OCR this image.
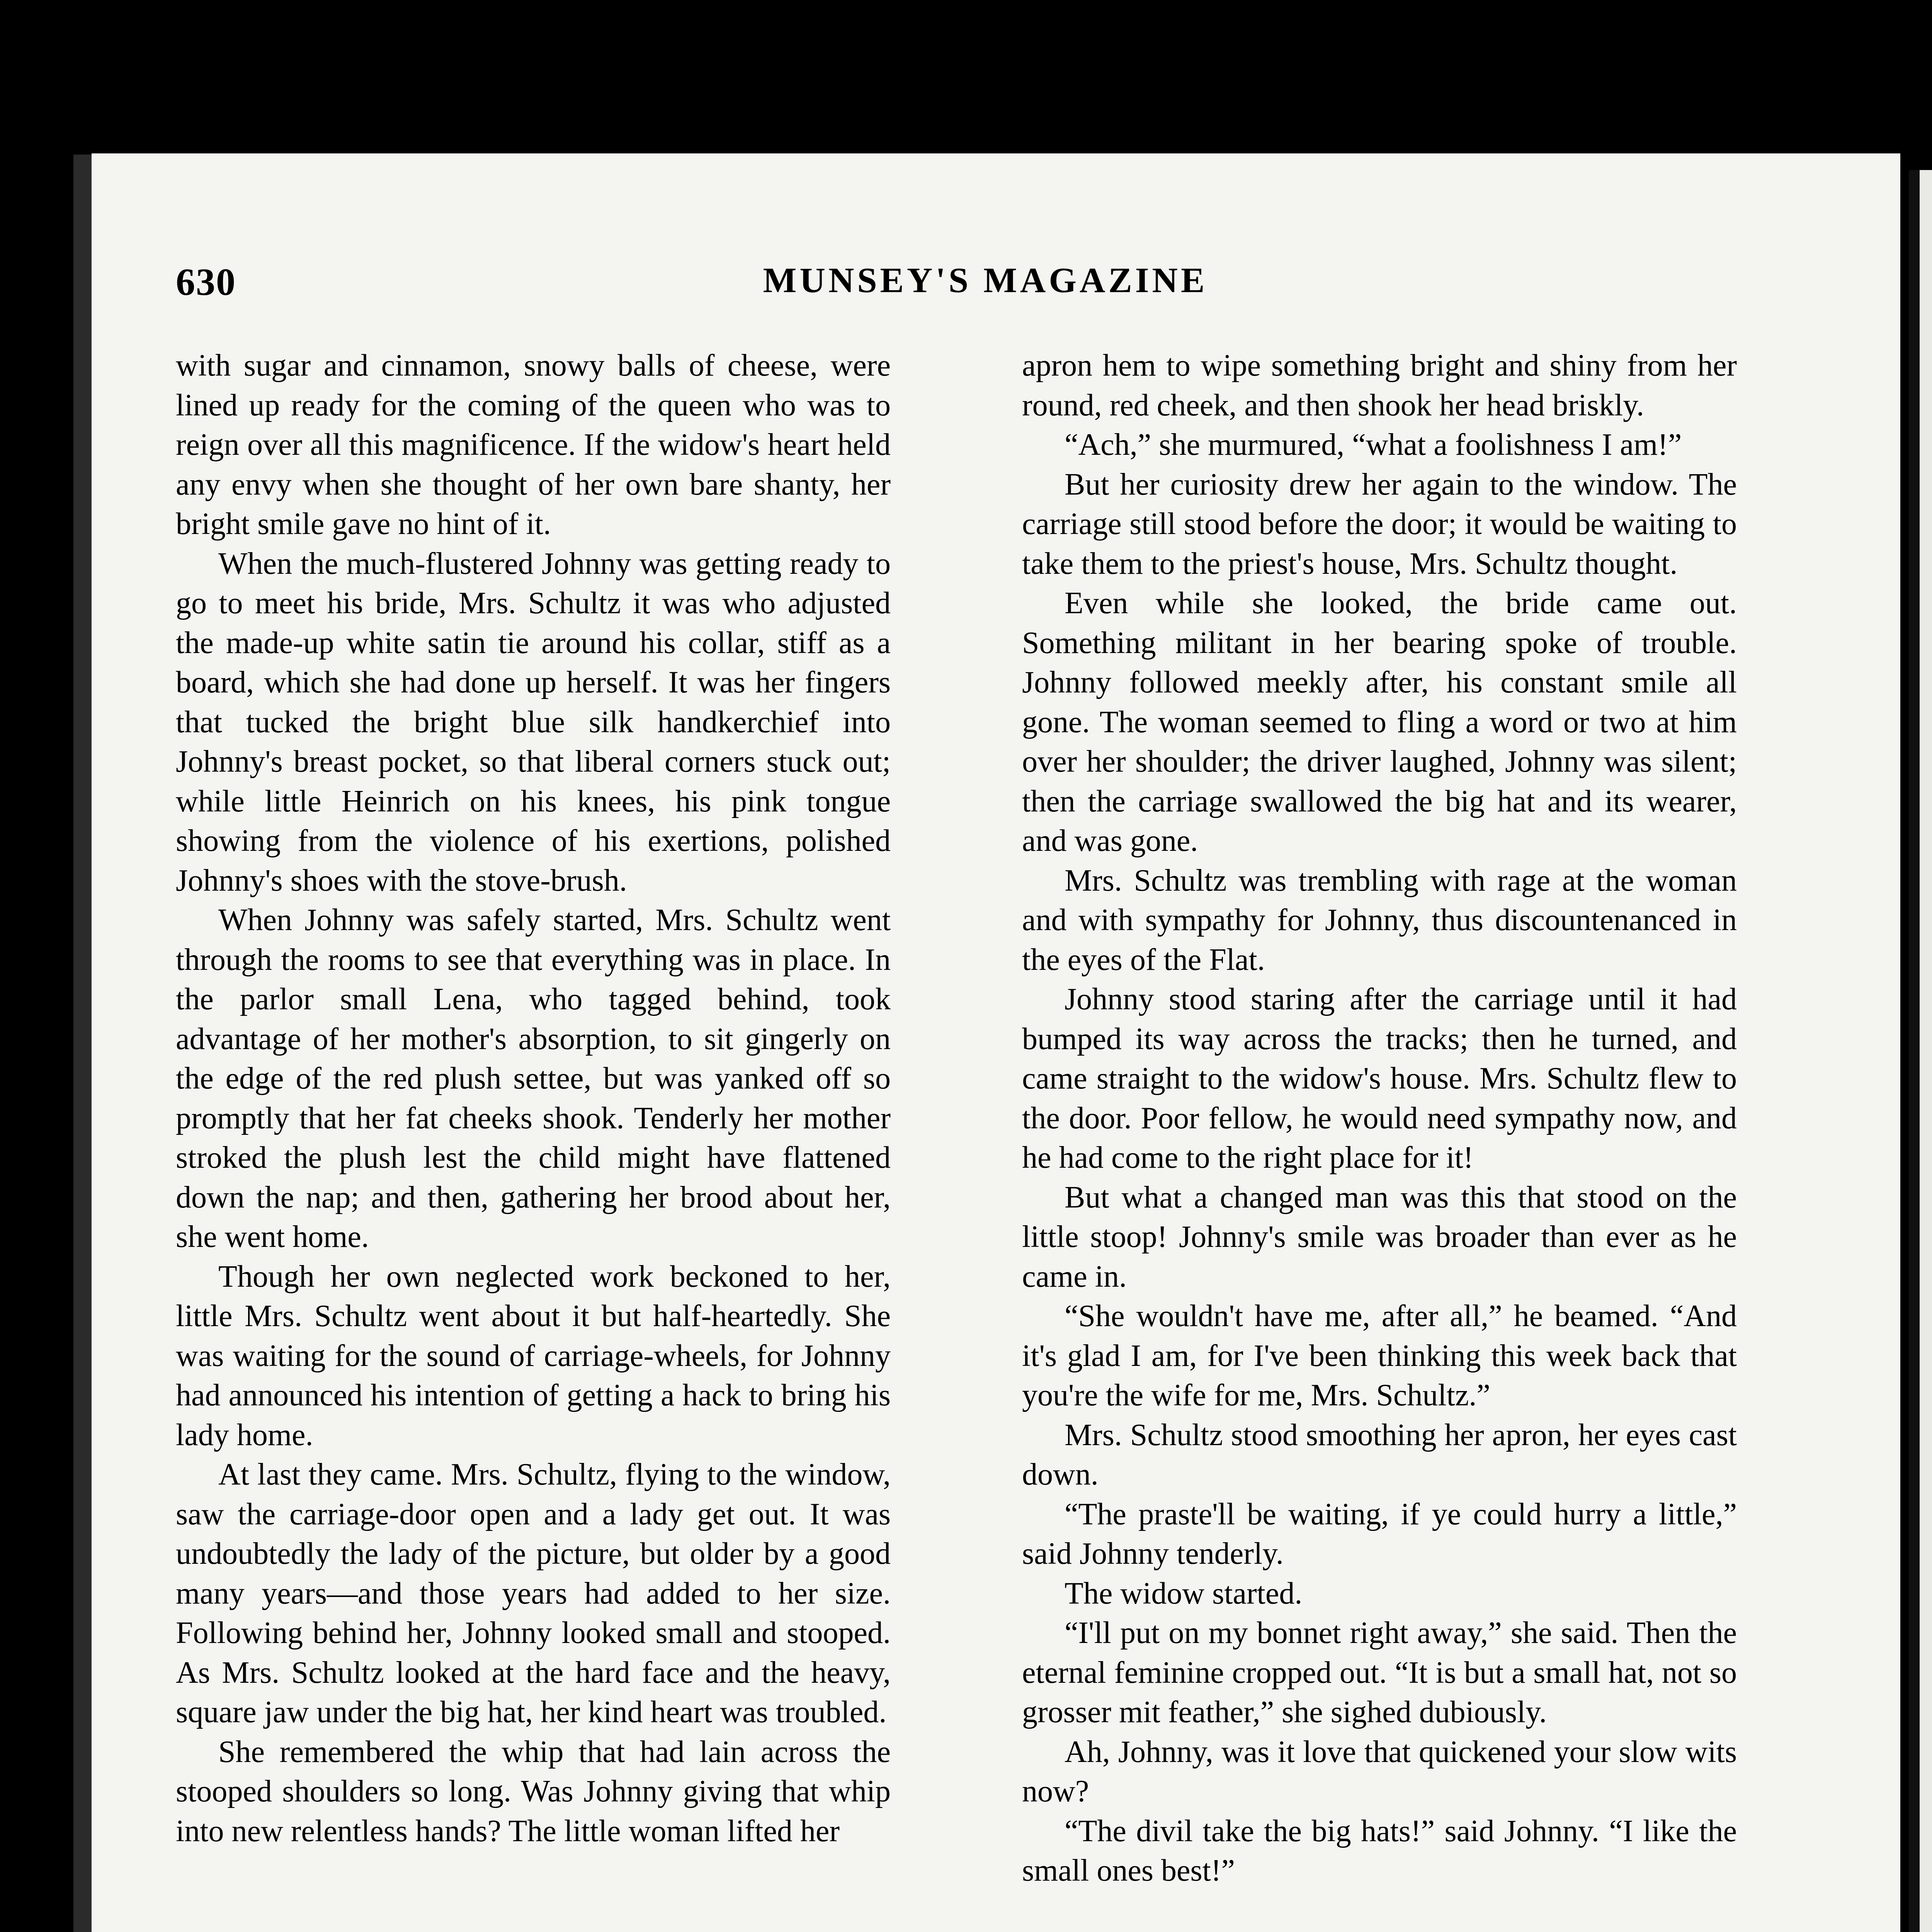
630	MUNSEY'S MAGAZINE

with sugar and cinnamon, snowy balls of cheese, were lined up ready for the coming of the queen who was to reign over all this magnificence. If the widow's heart held any envy when she thought of her own bare shanty, her bright smile gave no hint of it.

When the much-flustered Johnny was getting ready to go to meet his bride, Mrs. Schultz it was who adjusted the made-up white satin tie around his collar, stiff as a board, which she had done up herself. It was her fingers that tucked the bright blue silk handkerchief into Johnny's breast pocket, so that liberal corners stuck out; while little Heinrich on his knees, his pink tongue showing from the violence of his exertions, polished Johnny's shoes with the stove-brush.

When Johnny was safely started, Mrs. Schultz went through the rooms to see that everything was in place. In the parlor small Lena, who tagged behind, took advantage of her mother's absorption, to sit gingerly on the edge of the red plush settee, but was yanked off so promptly that her fat cheeks shook. Tenderly her mother stroked the plush lest the child might have flattened down the nap; and then, gathering her brood about her, she went home.

Though her own neglected work beckoned to her, little Mrs. Schultz went about it but half-heartedly. She was waiting for the sound of carriage-wheels, for Johnny had announced his intention of getting a hack to bring his lady home.

At last they came. Mrs. Schultz, flying to the window, saw the carriage-door open and a lady get out. It was undoubtedly the lady of the picture, but older by a good many years—and those years had added to her size. Following behind her, Johnny looked small and stooped. As Mrs. Schultz looked at the hard face and the heavy, square jaw under the big hat, her kind heart was troubled.

She remembered the whip that had lain across the stooped shoulders so long. Was Johnny giving that whip into new relentless hands? The little woman lifted her

apron hem to wipe something bright and shiny from her round, red cheek, and then shook her head briskly.

“Ach,” she murmured, “what a foolishness I am!”

But her curiosity drew her again to the window. The carriage still stood before the door; it would be waiting to take them to the priest's house, Mrs. Schultz thought.

Even while she looked, the bride came out. Something militant in her bearing spoke of trouble. Johnny followed meekly after, his constant smile all gone. The woman seemed to fling a word or two at him over her shoulder; the driver laughed, Johnny was silent; then the carriage swallowed the big hat and its wearer, and was gone.

Mrs. Schultz was trembling with rage at the woman and with sympathy for Johnny, thus discountenanced in the eyes of the Flat.

Johnny stood staring after the carriage until it had bumped its way across the tracks; then he turned, and came straight to the widow's house. Mrs. Schultz flew to the door. Poor fellow, he would need sympathy now, and he had come to the right place for it!

But what a changed man was this that stood on the little stoop! Johnny's smile was broader than ever as he came in.

“She wouldn't have me, after all,” he beamed. “And it's glad I am, for I've been thinking this week back that you're the wife for me, Mrs. Schultz.”

Mrs. Schultz stood smoothing her apron, her eyes cast down.

“The praste'll be waiting, if ye could hurry a little,” said Johnny tenderly.

The widow started.

“I'll put on my bonnet right away,” she said. Then the eternal feminine cropped out. “It is but a small hat, not so grosser mit feather,” she sighed dubiously.

Ah, Johnny, was it love that quickened your slow wits now?

“The divil take the big hats!” said Johnny. “I like the small ones best!”
